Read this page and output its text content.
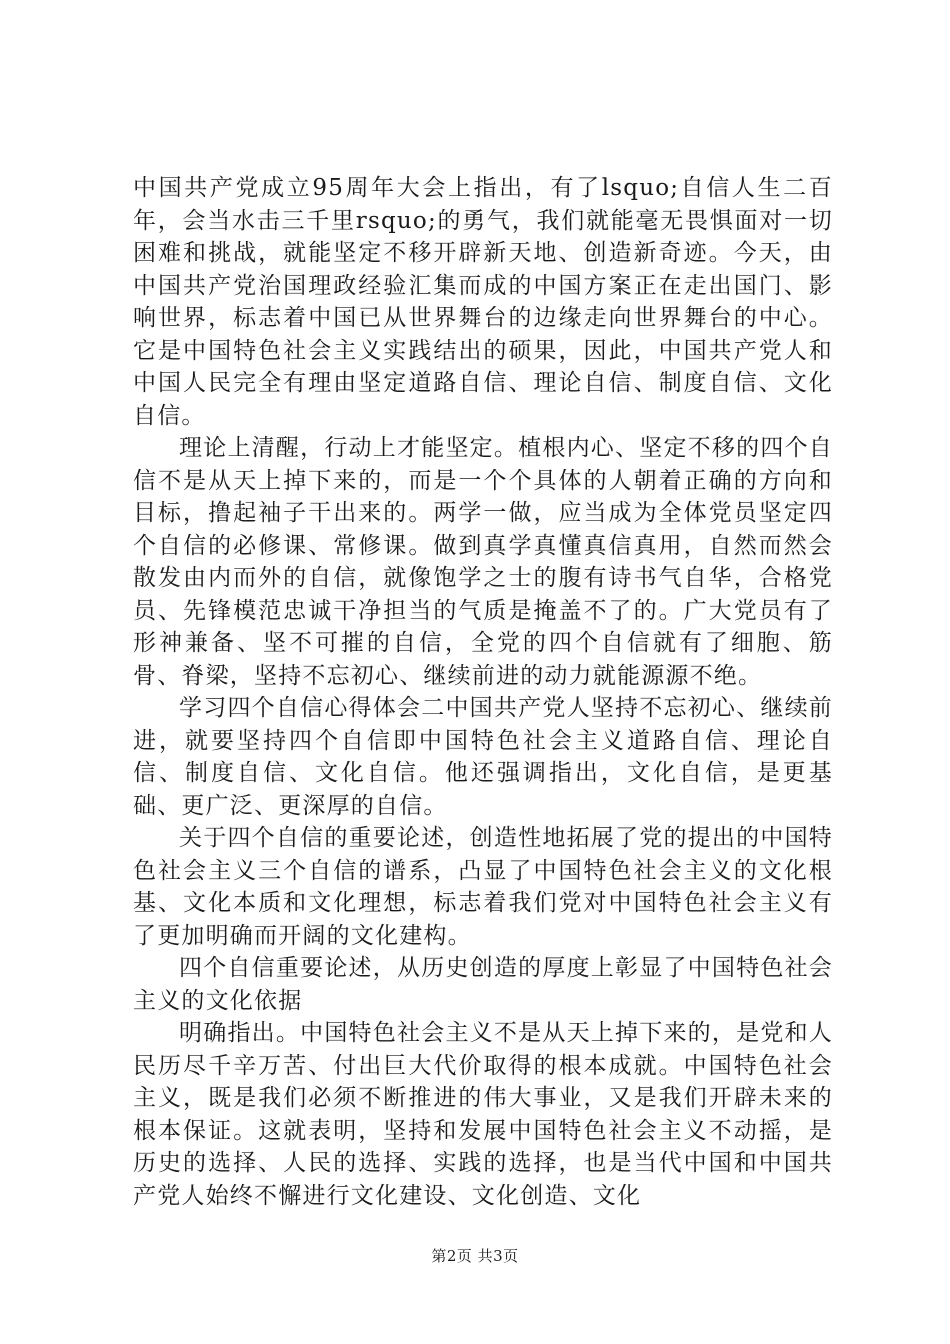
中国共产党成立95周年大会上指出，有了lsquo;自信人生二百年，会当水击三千里rsquo;的勇气，我们就能毫无畏惧面对一切困难和挑战，就能坚定不移开辟新天地、创造新奇迹。今天，由中国共产党治国理政经验汇集而成的中国方案正在走出国门、影响世界，标志着中国已从世界舞台的边缘走向世界舞台的中心。它是中国特色社会主义实践结出的硕果，因此，中国共产党人和中国人民完全有理由坚定道路自信、理论自信、制度自信、文化自信。

理论上清醒，行动上才能坚定。植根内心、坚定不移的四个自信不是从天上掉下来的，而是一个个具体的人朝着正确的方向和目标，撸起袖子干出来的。两学一做，应当成为全体党员坚定四个自信的必修课、常修课。做到真学真懂真信真用，自然而然会散发由内而外的自信，就像饱学之士的腹有诗书气自华，合格党员、先锋模范忠诚干净担当的气质是掩盖不了的。广大党员有了形神兼备、坚不可摧的自信，全党的四个自信就有了细胞、筋骨、脊梁，坚持不忘初心、继续前进的动力就能源源不绝。

学习四个自信心得体会二中国共产党人坚持不忘初心、继续前进，就要坚持四个自信即中国特色社会主义道路自信、理论自信、制度自信、文化自信。他还强调指出，文化自信，是更基础、更广泛、更深厚的自信。

关于四个自信的重要论述，创造性地拓展了党的提出的中国特色社会主义三个自信的谱系，凸显了中国特色社会主义的文化根基、文化本质和文化理想，标志着我们党对中国特色社会主义有了更加明确而开阔的文化建构。

四个自信重要论述，从历史创造的厚度上彰显了中国特色社会主义的文化依据

明确指出。中国特色社会主义不是从天上掉下来的，是党和人民历尽千辛万苦、付出巨大代价取得的根本成就。中国特色社会主义，既是我们必须不断推进的伟大事业，又是我们开辟未来的根本保证。这就表明，坚持和发展中国特色社会主义不动摇，是历史的选择、人民的选择、实践的选择，也是当代中国和中国共产党人始终不懈进行文化建设、文化创造、文化

第2页 共3页
